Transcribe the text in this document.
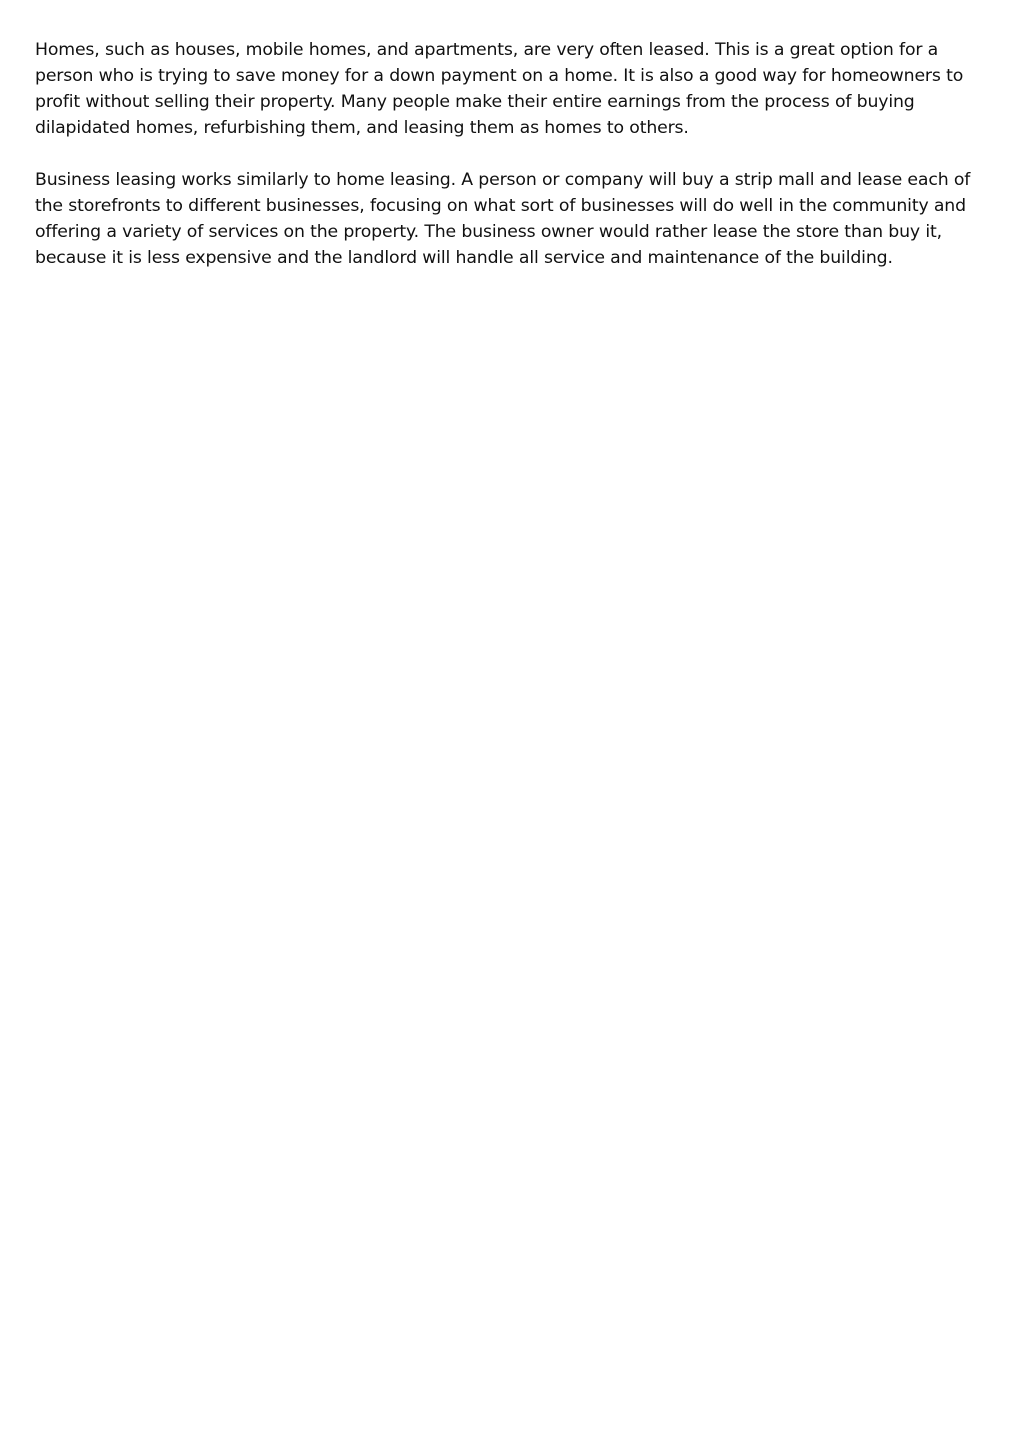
Homes, such as houses, mobile homes, and apartments, are very often leased. This is a great option for a person who is trying to save money for a down payment on a home. It is also a good way for homeowners to profit without selling their property. Many people make their entire earnings from the process of buying dilapidated homes, refurbishing them, and leasing them as homes to others.

Business leasing works similarly to home leasing. A person or company will buy a strip mall and lease each of the storefronts to different businesses, focusing on what sort of businesses will do well in the community and offering a variety of services on the property. The business owner would rather lease the store than buy it, because it is less expensive and the landlord will handle all service and maintenance of the building.
